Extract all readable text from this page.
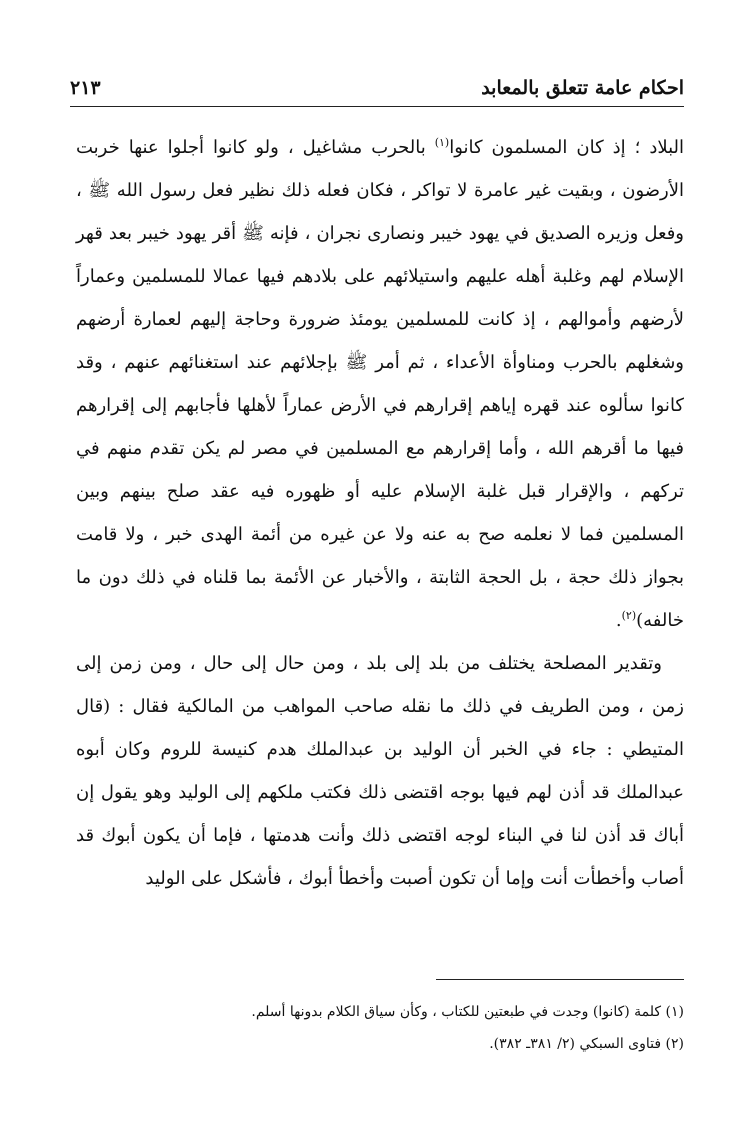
احكام عامة تتعلق بالمعابد
٢١٣

البلاد ؛ إذ كان المسلمون كانوا$^{(١)}$ بالحرب مشاغيل ، ولو كانوا أجلوا عنها خربت الأرضون ، وبقيت غير عامرة لا تواكر ، فكان فعله ذلك نظير فعل رسول الله ﷺ ، وفعل وزيره الصديق في يهود خيبر ونصارى نجران ، فإنه ﷺ أقر يهود خيبر بعد قهر الإسلام لهم وغلبة أهله عليهم واستيلائهم على بلادهم فيها عمالا للمسلمين وعماراً لأرضهم وأموالهم ، إذ كانت للمسلمين يومئذ ضرورة وحاجة إليهم لعمارة أرضهم وشغلهم بالحرب ومناوأة الأعداء ، ثم أمر ﷺ بإجلائهم عند استغنائهم عنهم ، وقد كانوا سألوه عند قهره إياهم إقرارهم في الأرض عماراً لأهلها فأجابهم إلى إقرارهم فيها ما أقرهم الله ، وأما إقرارهم مع المسلمين في مصر لم يكن تقدم منهم في تركهم ، والإقرار قبل غلبة الإسلام عليه أو ظهوره فيه عقد صلح بينهم وبين المسلمين فما لا نعلمه صح به عنه ولا عن غيره من أئمة الهدى خبر ، ولا قامت بجواز ذلك حجة ، بل الحجة الثابتة ، والأخبار عن الأئمة بما قلناه في ذلك دون ما خالفه)$^{(٢)}$.

وتقدير المصلحة يختلف من بلد إلى بلد ، ومن حال إلى حال ، ومن زمن إلى زمن ، ومن الطريف في ذلك ما نقله صاحب المواهب من المالكية فقال : (قال المتيطي : جاء في الخبر أن الوليد بن عبدالملك هدم كنيسة للروم وكان أبوه عبدالملك قد أذن لهم فيها بوجه اقتضى ذلك فكتب ملكهم إلى الوليد وهو يقول إن أباك قد أذن لنا في البناء لوجه اقتضى ذلك وأنت هدمتها ، فإما أن يكون أبوك قد أصاب وأخطأت أنت وإما أن تكون أصبت وأخطأ أبوك ، فأشكل على الوليد

(١) كلمة (كانوا) وجدت في طبعتين للكتاب ، وكأن سياق الكلام بدونها أسلم.
(٢) فتاوى السبكي (٢/ ٣٨١ـ ٣٨٢).
